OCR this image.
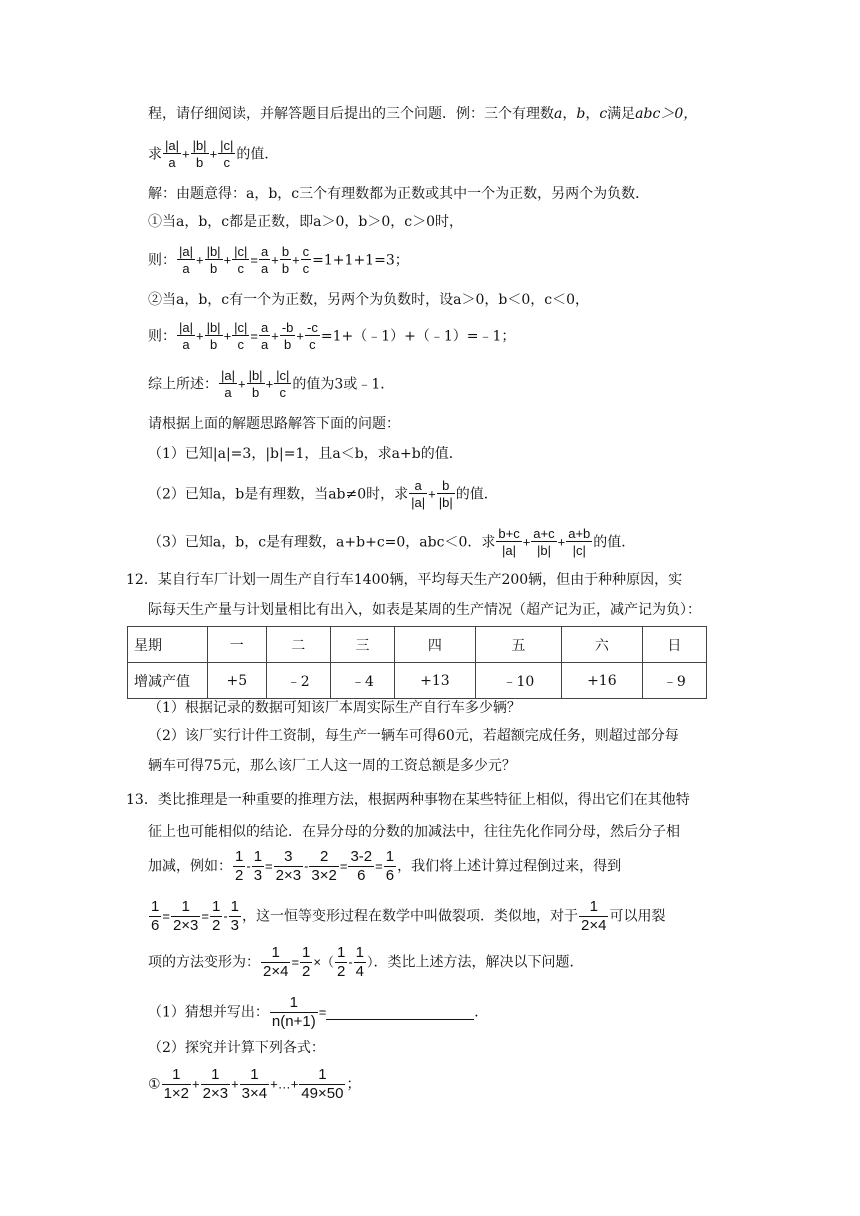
程，请仔细阅读，并解答题目后提出的三个问题．例：三个有理数a，b，c满足abc＞0，
求 $\frac{|a|}{a} + \frac{|b|}{b} + \frac{|c|}{c}$ 的值．
解：由题意得：a，b，c三个有理数都为正数或其中一个为正数，另两个为负数．
①当a，b，c都是正数，即a＞0，b＞0，c＞0时，
则： $\frac{|a|}{a} + \frac{|b|}{b} + \frac{|c|}{c} = \frac{a}{a} + \frac{b}{b} + \frac{c}{c} =1+1+1=3$；
②当a，b，c有一个为正数，另两个为负数时，设a＞0，b＜0，c＜0，
则： $\frac{|a|}{a} + \frac{|b|}{b} + \frac{|c|}{c} = \frac{a}{a} + \frac{-b}{b} + \frac{-c}{c}$ =1+（﹣1）+（﹣1）=﹣1；
综上所述： $\frac{|a|}{a} + \frac{|b|}{b} + \frac{|c|}{c}$ 的值为3或﹣1．
请根据上面的解题思路解答下面的问题：
（1）已知|a|=3，|b|=1，且a＜b，求a+b的值．
（2）已知a，b是有理数，当ab≠0时，求 $\frac{a}{|a|} + \frac{b}{|b|}$ 的值．
（3）已知a，b，c是有理数，a+b+c=0，abc＜0．求 $\frac{b+c}{|a|} + \frac{a+c}{|b|} + \frac{a+b}{|c|}$ 的值．
12．某自行车厂计划一周生产自行车1400辆，平均每天生产200辆，但由于种种原因，实
际每天生产量与计划量相比有出入，如表是某周的生产情况（超产记为正，减产记为负）：
星期	一	二	三	四	五	六	日
增减产值	+5	﹣2	﹣4	+13	﹣10	+16	﹣9
（1）根据记录的数据可知该厂本周实际生产自行车多少辆？
（2）该厂实行计件工资制，每生产一辆车可得60元，若超额完成任务，则超过部分每
辆车可得75元，那么该厂工人这一周的工资总额是多少元？
13．类比推理是一种重要的推理方法，根据两种事物在某些特征上相似，得出它们在其他特
征上也可能相似的结论．在异分母的分数的加减法中，往往先化作同分母，然后分子相
加减，例如： $\frac{1}{2} - \frac{1}{3} = \frac{3}{2\times 3} - \frac{2}{3\times 2} = \frac{3-2}{6} = \frac{1}{6}$ ，我们将上述计算过程倒过来，得到
$\frac{1}{6} = \frac{1}{2\times 3} = \frac{1}{2} - \frac{1}{3}$ ，这一恒等变形过程在数学中叫做裂项．类似地，对于 $\frac{1}{2\times 4}$ 可以用裂
项的方法变形为： $\frac{1}{2\times 4} = \frac{1}{2}$ ×（ $\frac{1}{2} - \frac{1}{4}$ ）．类比上述方法，解决以下问题．
（1）猜想并写出： $\frac{1}{n(n+1)}$ =	．
（2）探究并计算下列各式：
① $\frac{1}{1\times 2} + \frac{1}{2\times 3} + \frac{1}{3\times 4}$ +…+ $\frac{1}{49\times 50}$ ；
